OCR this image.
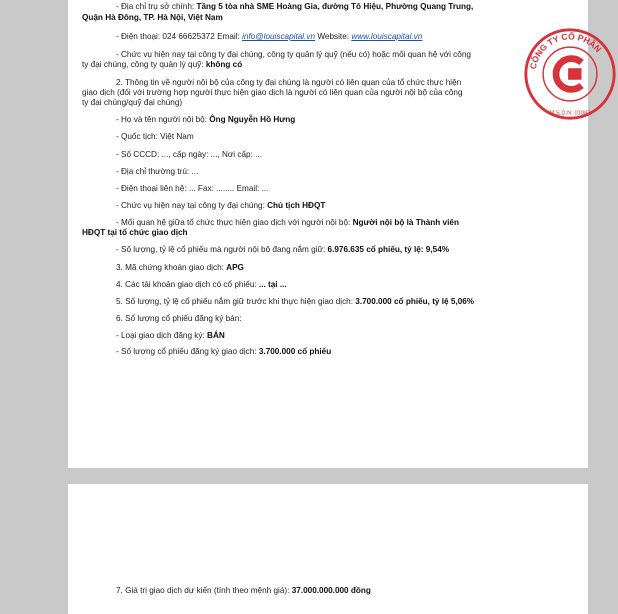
- Địa chỉ trụ sở chính: Tầng 5 tòa nhà SME Hoàng Gia, đường Tô Hiệu, Phường Quang Trung,
Quận Hà Đông, TP. Hà Nội, Việt Nam
- Điện thoại: 024 66625372 Email: info@louiscapital.vn Website: www.louiscapital.vn
- Chức vụ hiện nay tại công ty đại chúng, công ty quản lý quỹ (nếu có) hoặc mối quan hệ với công
ty đại chúng, công ty quản lý quỹ: không có
2. Thông tin về người nội bộ của công ty đại chúng là người có liên quan của tổ chức thực hiện
giao dịch (đối với trường hợp người thực hiện giao dịch là người có liên quan của người nội bộ của công
ty đại chúng/quỹ đại chúng)
- Họ và tên người nội bộ: Ông Nguyễn Hồ Hưng
- Quốc tịch: Việt Nam
- Số CCCD: ..., cấp ngày: ..., Nơi cấp: ...
- Địa chỉ thường trú: ...
- Điện thoại liên hệ: ... Fax: ........ Email: ...
- Chức vụ hiện nay tại công ty đại chúng: Chủ tịch HĐQT
- Mối quan hệ giữa tổ chức thực hiện giao dịch với người nội bộ: Người nội bộ là Thành viên
HĐQT tại tổ chức giao dịch
- Số lượng, tỷ lệ cổ phiếu mà người nội bộ đang nắm giữ: 6.976.635 cổ phiếu, tỷ lệ: 9,54%
3. Mã chứng khoán giao dịch: APG
4. Các tài khoản giao dịch có cổ phiếu: ... tại ...
5. Số lượng, tỷ lệ cổ phiếu nắm giữ trước khi thực hiện giao dịch: 3.700.000 cổ phiếu, tỷ lệ 5,06%
6. Số lượng cổ phiếu đăng ký bán:
- Loại giao dịch đăng ký: BÁN
- Số lượng cổ phiếu đăng ký giao dịch: 3.700.000 cổ phiếu
CÔNG TY CỔ PHẦN
M.S.D.N: 01087
7. Giá trị giao dịch dự kiến (tính theo mệnh giá): 37.000.000.000 đồng
